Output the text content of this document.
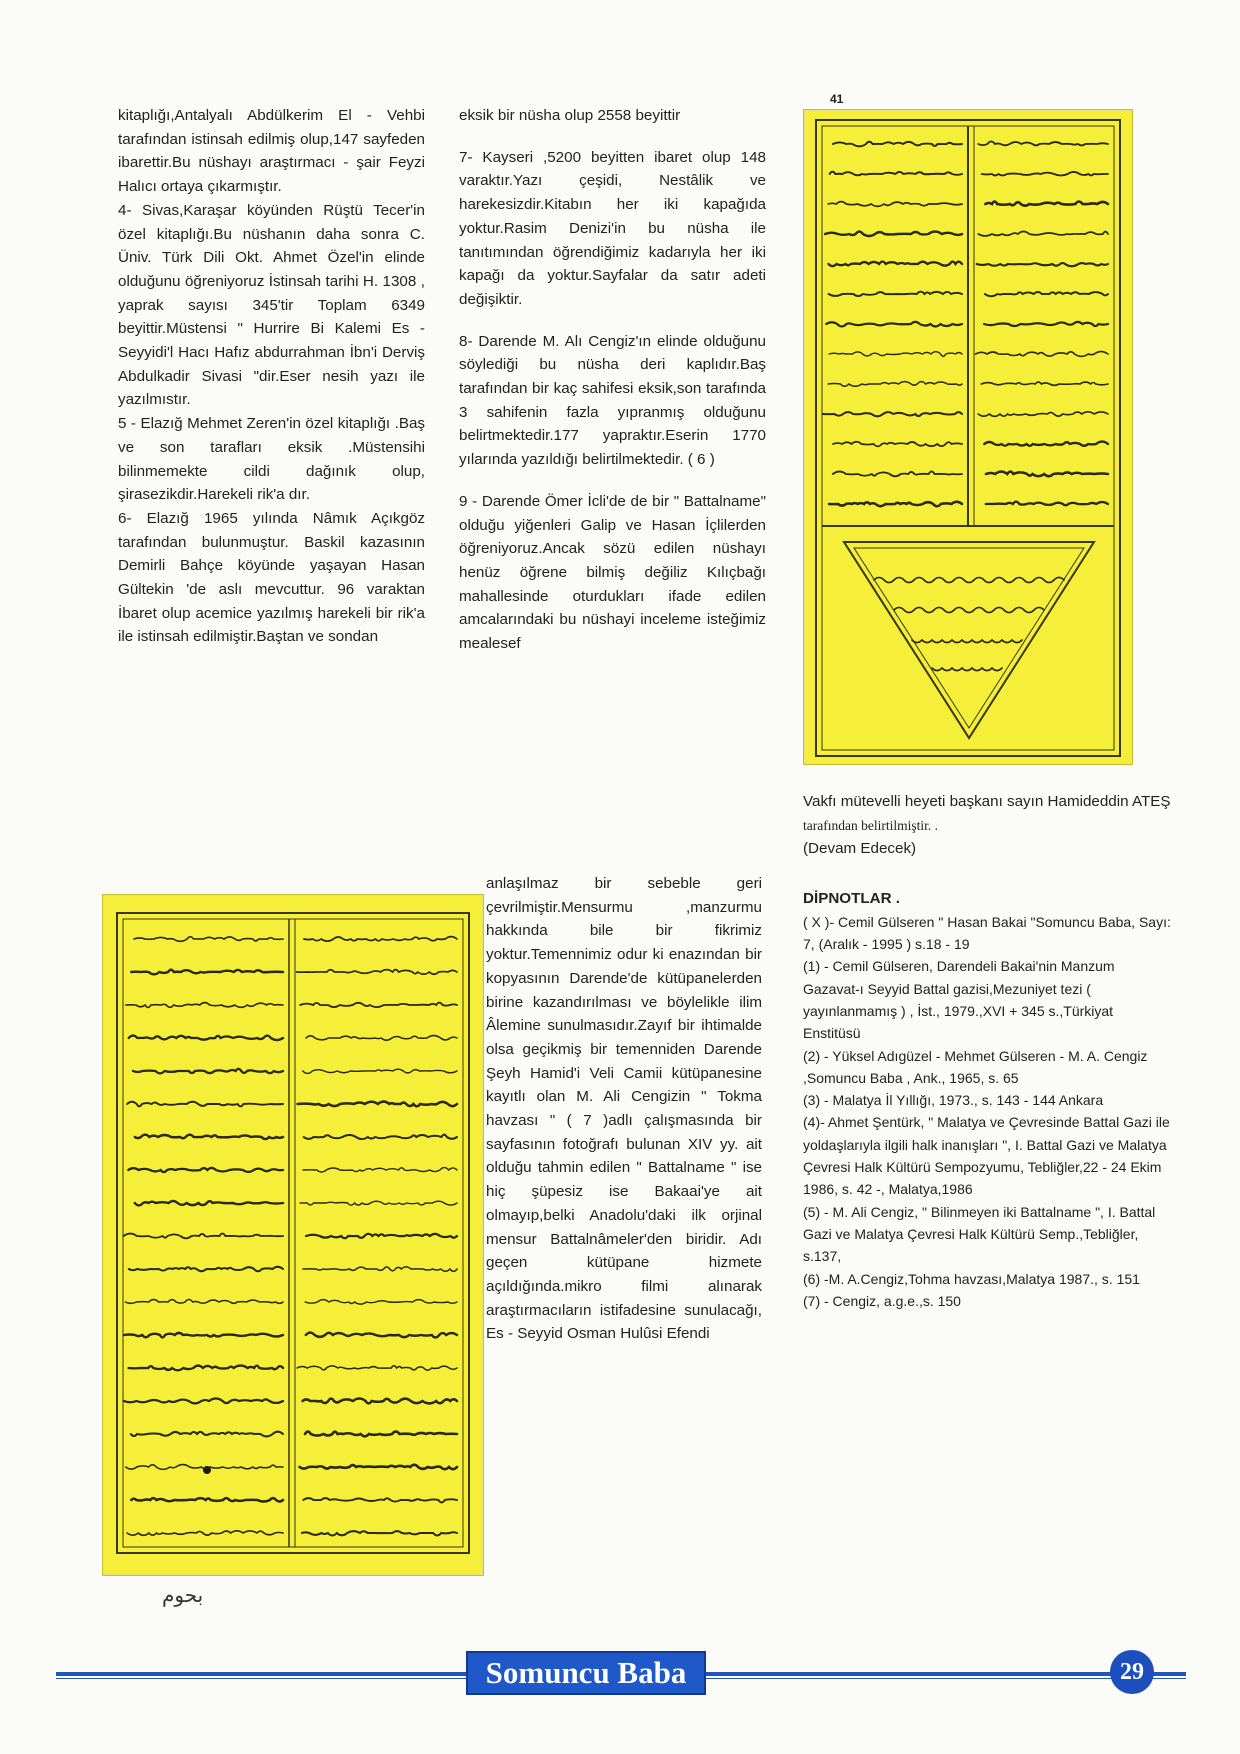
kitaplığı,Antalyalı Abdülkerim El - Vehbi tarafından istinsah edilmiş olup,147 sayfeden ibarettir.Bu nüshayı araştırmacı - şair Feyzi Halıcı ortaya çıkarmıştır.

4- Sivas,Karaşar köyünden Rüştü Tecer'in özel kitaplığı.Bu nüshanın daha sonra C. Üniv. Türk Dili Okt. Ahmet Özel'in elinde olduğunu öğreniyoruz İstinsah tarihi H. 1308 , yaprak sayısı 345'tir Toplam 6349 beyittir.Müstensi " Hurrire Bi Kalemi Es - Seyyidi'l Hacı Hafız abdurrahman İbn'i Derviş Abdulkadir Sivasi "dir.Eser nesih yazı ile yazılmıstır.

5 - Elazığ Mehmet Zeren'in özel kitaplığı .Baş ve son tarafları eksik .Müstensihi bilinmemekte cildi dağınık olup, şirasezikdir.Harekeli rik'a dır.

6- Elazığ 1965 yılında Nâmık Açıkgöz tarafından bulunmuştur. Baskil kazasının Demirli Bahçe köyünde yaşayan Hasan Gültekin 'de aslı mevcuttur. 96 varaktan İbaret olup acemice yazılmış harekeli bir rik'a ile istinsah edilmiştir.Baştan ve sondan

eksik bir nüsha olup 2558 beyittir

7- Kayseri ,5200 beyitten ibaret olup 148 varaktır.Yazı çeşidi, Nestâlik ve harekesizdir.Kitabın her iki kapağıda yoktur.Rasim Denizi'in bu nüsha ile tanıtımından öğrendiğimiz kadarıyla her iki kapağı da yoktur.Sayfalar da satır adeti değişiktir.

8- Darende M. Alı Cengiz'ın elinde olduğunu söylediği bu nüsha deri kaplıdır.Baş tarafından bir kaç sahifesi eksik,son tarafında 3 sahifenin fazla yıpranmış olduğunu belirtmektedir.177 yapraktır.Eserin 1770 yılarında yazıldığı belirtilmektedir. ( 6 )

9 - Darende Ömer İcli'de de bir " Battalname" olduğu yiğenleri Galip ve Hasan İçlilerden öğreniyoruz.Ancak sözü edilen nüshayı henüz öğrene bilmiş değiliz Kılıçbağı mahallesinde oturdukları ifade edilen amcalarındaki bu nüshayi inceleme isteğimiz mealesef

anlaşılmaz bir sebeble geri çevrilmiştir.Mensurmu ,manzurmu hakkında bile bir fikrimiz yoktur.Temennimiz odur ki enazından bir kopyasının Darende'de kütüpanelerden birine kazandırılması ve böylelikle ilim Âlemine sunulmasıdır.Zayıf bir ihtimalde olsa geçikmiş bir temenniden Darende Şeyh Hamid'i Veli Camii kütüpanesine kayıtlı olan M. Ali Cengizin " Tokma havzası " ( 7 )adlı çalışmasında bir sayfasının fotoğrafı bulunan XIV yy. ait olduğu tahmin edilen " Battalname " ise hiç şüpesiz ise Bakaai'ye ait olmayıp,belki Anadolu'daki ilk orjinal mensur Battalnâmeler'den biridir. Adı geçen kütüpane hizmete açıldığında.mikro filmi alınarak araştırmacıların istifadesine sunulacağı, Es - Seyyid Osman Hulûsi Efendi

41
بحوم

Vakfı mütevelli heyeti başkanı sayın Hamideddin ATEŞ tarafından belirtilmiştir. .

(Devam Edecek)

DİPNOTLAR .

( X )- Cemil Gülseren " Hasan Bakai "Somuncu Baba, Sayı: 7, (Aralık - 1995 ) s.18 - 19

(1) - Cemil Gülseren, Darendeli Bakai'nin Manzum Gazavat-ı Seyyid Battal gazisi,Mezuniyet tezi ( yayınlanmamış ) , İst., 1979.,XVI + 345 s.,Türkiyat Enstitüsü

(2) - Yüksel Adıgüzel - Mehmet Gülseren - M. A. Cengiz ,Somuncu Baba , Ank., 1965, s. 65

(3) - Malatya İl Yıllığı, 1973., s. 143 - 144 Ankara

(4)- Ahmet Şentürk, " Malatya ve Çevresinde Battal Gazi ile yoldaşlarıyla ilgili halk inanışları ", I. Battal Gazi ve Malatya Çevresi Halk Kültürü Sempozyumu, Tebliğler,22 - 24 Ekim 1986, s. 42 -, Malatya,1986

(5) - M. Ali Cengiz, " Bilinmeyen iki Battalname ", I. Battal Gazi ve Malatya Çevresi Halk Kültürü Semp.,Tebliğler, s.137,

(6) -M. A.Cengiz,Tohma havzası,Malatya 1987., s. 151

(7) - Cengiz, a.g.e.,s. 150

Somuncu Baba	29
